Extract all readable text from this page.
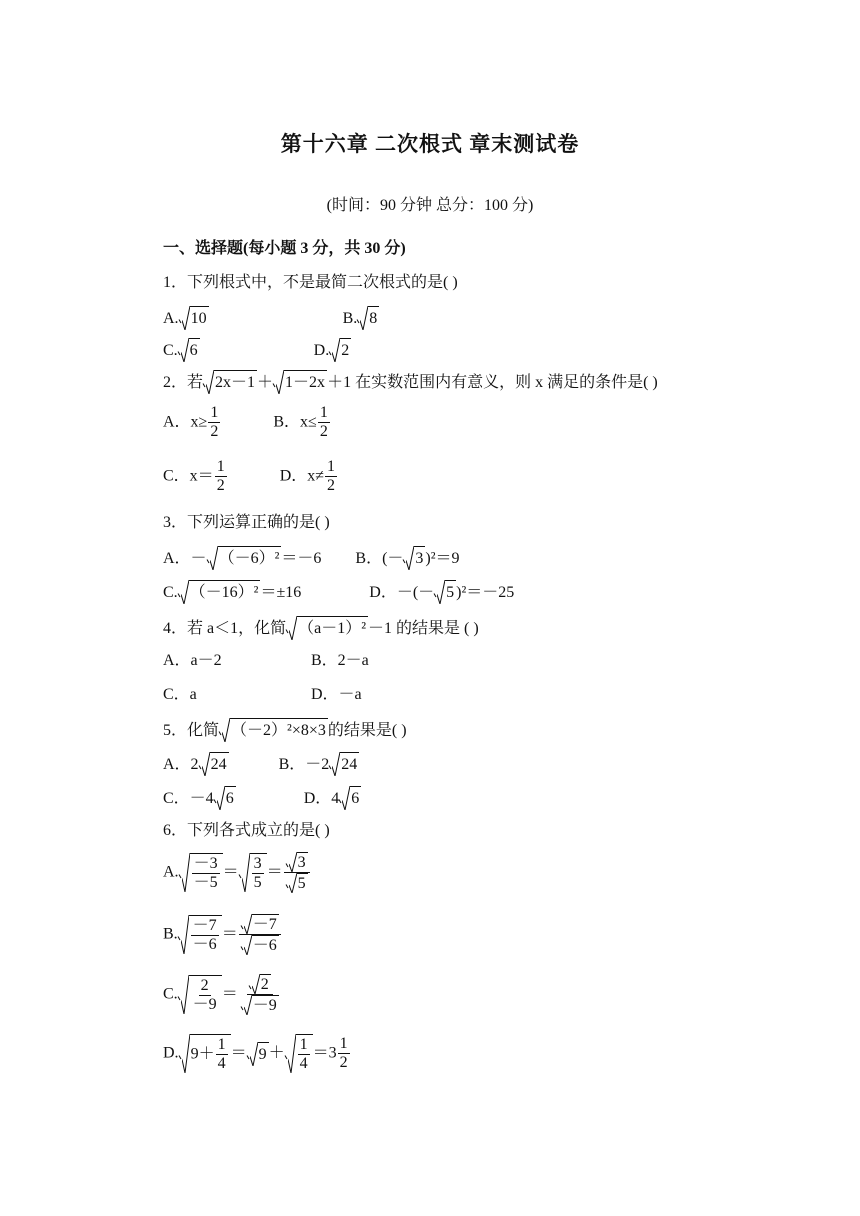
第十六章 二次根式 章末测试卷
(时间：90 分钟 总分：100 分)
一、选择题(每小题 3 分，共 30 分)
1．下列根式中，不是最简二次根式的是( )
A. 10	B. 8
C. 6	D. 2
2．若 2x－1 ＋ 1－2x ＋1 在实数范围内有意义，则 x 满足的条件是( )
A．$x\ge \frac{1}{2}$	B．$x\le \frac{1}{2}$
C．$x= \frac{1}{2}$	D．$x\ne \frac{1}{2}$
3．下列运算正确的是( )
A．－ （－6）² ＝－6 B．(－ 3 )²＝9
C. （－16）² ＝±16	D．－(－ 5 )²＝－25
4．若 a＜1，化简 （a－1）² －1 的结果是 ( )
A．a－2	B．2－a
C．a	D．－a
5．化简 （－2）²×8×3 的结果是( )
A．2 24	B．－2 24
C．－4 6	D．4 6
6．下列各式成立的是( )
A. $\frac{-3}{-5} = \frac{3}{5} = \frac{3}{5}$
B. $\frac{-7}{-6} = \frac{-7}{-6}$
C. $\frac{2}{-9} = \frac{2}{-9}$
D. $9+ \frac{1}{4} = 9 + \frac{1}{4} =3 \frac{1}{2}$
